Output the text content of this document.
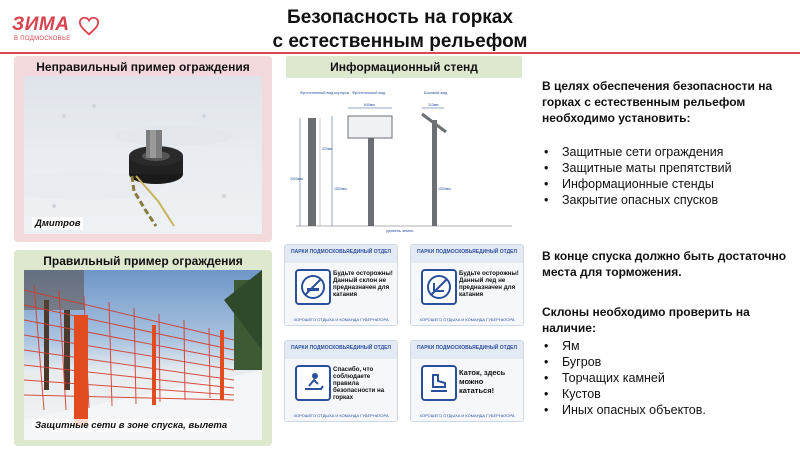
ЗИМА
В ПОДМОСКОВЬЕ
Безопасность на горках
с естественным рельефом
Неправильный пример ограждения
Дмитров
Правильный пример ограждения
Защитные сети в зоне спуска, вылета
Информационный стенд
Фронтальный вид корпуса Фронтальный вид	Боковой вид
уровень земли
640мм	110мм
420мм
2000мм
1500мм	1000мм
ПАРКИ ПОДМОСКОВЬЯ ЕДИНЫЙ ОТДЕЛ
Будьте осторожны! Данный склон не предназначен для катания
ХОРОШЕГО ОТДЫХА И КОМАНДА ГУБЕРНАТОРА
ПАРКИ ПОДМОСКОВЬЯ ЕДИНЫЙ ОТДЕЛ
Будьте осторожны! Данный лед не предназначен для катания
ХОРОШЕГО ОТДЫХА И КОМАНДА ГУБЕРНАТОРА
ПАРКИ ПОДМОСКОВЬЯ ЕДИНЫЙ ОТДЕЛ
Спасибо, что соблюдаете правила безопасности на горках
ХОРОШЕГО ОТДЫХА И КОМАНДА ГУБЕРНАТОРА
ПАРКИ ПОДМОСКОВЬЯ ЕДИНЫЙ ОТДЕЛ
Каток, здесь можно кататься!
ХОРОШЕГО ОТДЫХА И КОМАНДА ГУБЕРНАТОРА
В целях обеспечения безопасности на горках с естественным рельефом необходимо установить:
• Защитные сети ограждения
• Защитные маты препятствий
• Информационные стенды
• Закрытие опасных спусков
В конце спуска должно быть достаточно места для торможения.
Склоны необходимо проверить на наличие:
• Ям
• Бугров
• Торчащих камней
• Кустов
• Иных опасных объектов.
